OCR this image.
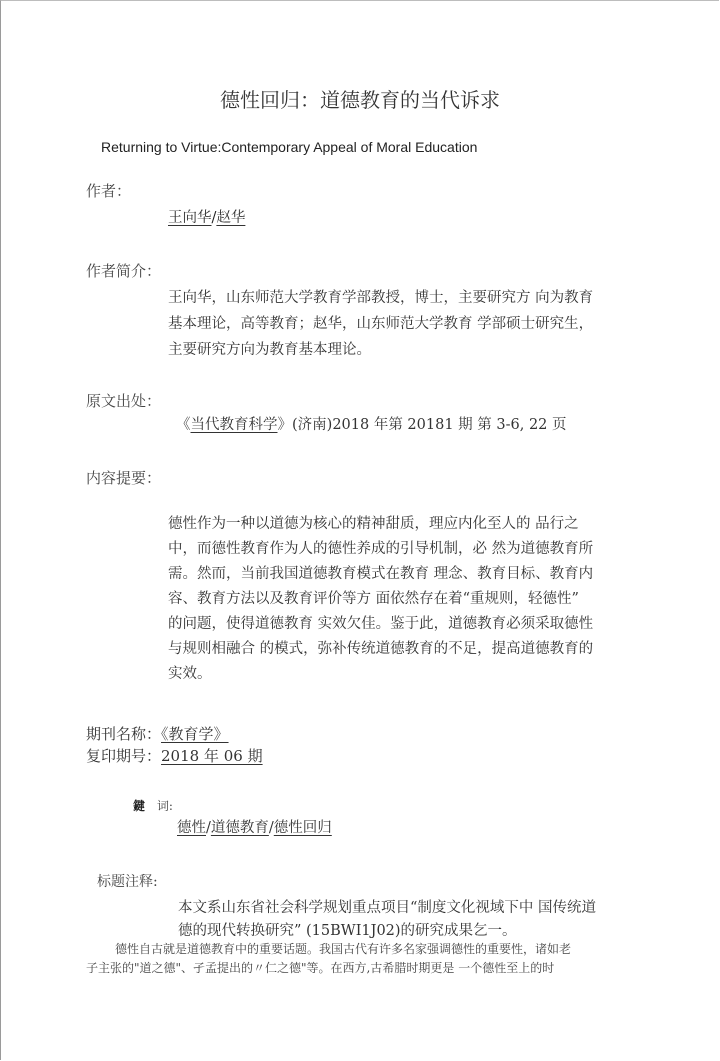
德性回归：道德教育的当代诉求
Returning to Virtue:Contemporary Appeal of Moral Education
作者：
王向华/赵华
作者简介：
王向华，山东师范大学教育学部教授，博士，主要研究方 向为教育
基本理论，高等教育；赵华，山东师范大学教育 学部硕士研究生，
主要研究方向为教育基本理论。
原文出处：
《当代教育科学》(济南)2018 年第 20181 期 第 3-6, 22 页
内容提要：
德性作为一种以道德为核心的精神甜质，理应内化至人的 品行之
中，而德性教育作为人的德性养成的引导机制，必 然为道德教育所
需。然而，当前我国道德教育模式在教育 理念、教育目标、教育内
容、教育方法以及教育评价等方 面依然存在着“重规则，轻德性”
的问题，使得道德教育 实效欠佳。鉴于此，道德教育必须采取德性
与规则相融合 的模式，弥补传统道德教育的不足，提高道德教育的
实效。
期刊名称：《教育学》
复印期号：2018 年 06 期
鍵 词:
德性/道德教育/德性回归
标题注释:
本文系山东省社会科学规划重点项目“制度文化视域下中 国传统道
德的现代转换研究” (15BWI1J02)的研究成果乞一。
德性自古就是道德教育中的重要话题。我国古代有许多名家强调德性的重要性，诸如老
子主张的"道之德"、孑孟提出的〃仁之德"等。在西方,古希腊时期更是 一个德性至上的时
